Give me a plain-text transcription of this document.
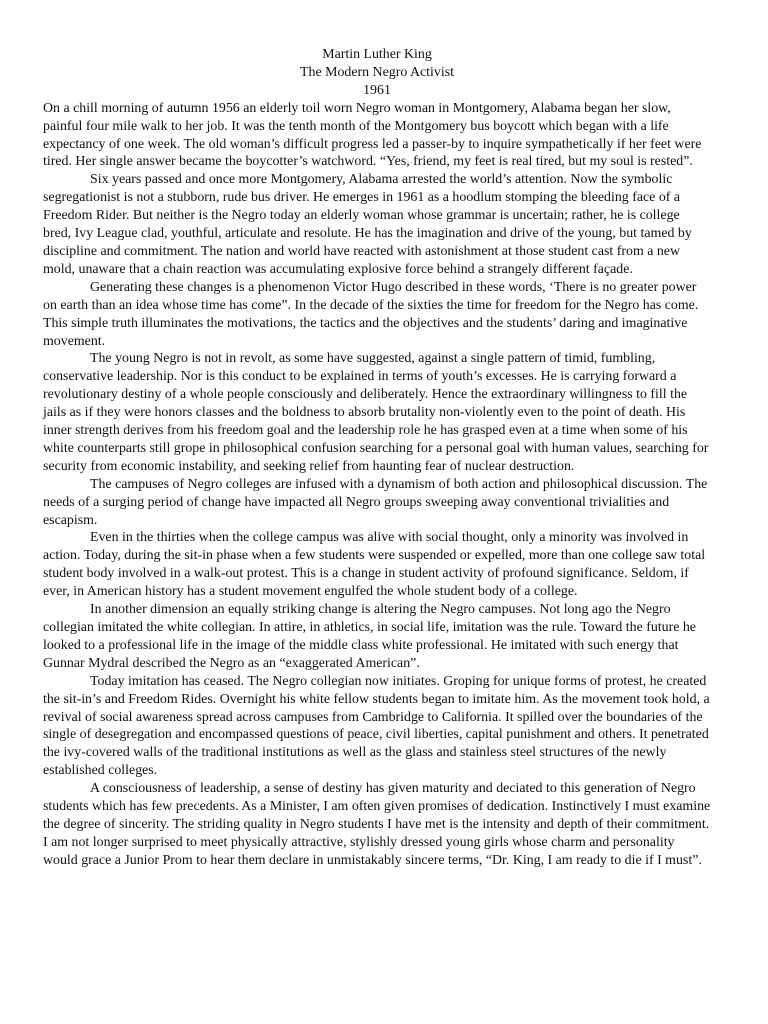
Martin Luther King
The Modern Negro Activist
1961

On a chill morning of autumn 1956 an elderly toil worn Negro woman in Montgomery, Alabama began her slow, painful four mile walk to her job. It was the tenth month of the Montgomery bus boycott which began with a life expectancy of one week. The old woman’s difficult progress led a passer-by to inquire sympathetically if her feet were tired. Her single answer became the boycotter’s watchword. “Yes, friend, my feet is real tired, but my soul is rested”.

Six years passed and once more Montgomery, Alabama arrested the world’s attention. Now the symbolic segregationist is not a stubborn, rude bus driver. He emerges in 1961 as a hoodlum stomping the bleeding face of a Freedom Rider. But neither is the Negro today an elderly woman whose grammar is uncertain; rather, he is college bred, Ivy League clad, youthful, articulate and resolute. He has the imagination and drive of the young, but tamed by discipline and commitment. The nation and world have reacted with astonishment at those student cast from a new mold, unaware that a chain reaction was accumulating explosive force behind a strangely different façade.

Generating these changes is a phenomenon Victor Hugo described in these words, ‘There is no greater power on earth than an idea whose time has come”. In the decade of the sixties the time for freedom for the Negro has come. This simple truth illuminates the motivations, the tactics and the objectives and the students’ daring and imaginative movement.

The young Negro is not in revolt, as some have suggested, against a single pattern of timid, fumbling, conservative leadership. Nor is this conduct to be explained in terms of youth’s excesses. He is carrying forward a revolutionary destiny of a whole people consciously and deliberately. Hence the extraordinary willingness to fill the jails as if they were honors classes and the boldness to absorb brutality non-violently even to the point of death. His inner strength derives from his freedom goal and the leadership role he has grasped even at a time when some of his white counterparts still grope in philosophical confusion searching for a personal goal with human values, searching for security from economic instability, and seeking relief from haunting fear of nuclear destruction.

The campuses of Negro colleges are infused with a dynamism of both action and philosophical discussion. The needs of a surging period of change have impacted all Negro groups sweeping away conventional trivialities and escapism.

Even in the thirties when the college campus was alive with social thought, only a minority was involved in action. Today, during the sit-in phase when a few students were suspended or expelled, more than one college saw total student body involved in a walk-out protest. This is a change in student activity of profound significance. Seldom, if ever, in American history has a student movement engulfed the whole student body of a college.

In another dimension an equally striking change is altering the Negro campuses. Not long ago the Negro collegian imitated the white collegian. In attire, in athletics, in social life, imitation was the rule. Toward the future he looked to a professional life in the image of the middle class white professional. He imitated with such energy that Gunnar Mydral described the Negro as an “exaggerated American”.

Today imitation has ceased. The Negro collegian now initiates. Groping for unique forms of protest, he created the sit-in’s and Freedom Rides. Overnight his white fellow students began to imitate him. As the movement took hold, a revival of social awareness spread across campuses from Cambridge to California. It spilled over the boundaries of the single of desegregation and encompassed questions of peace, civil liberties, capital punishment and others. It penetrated the ivy-covered walls of the traditional institutions as well as the glass and stainless steel structures of the newly established colleges.

A consciousness of leadership, a sense of destiny has given maturity and deciated to this generation of Negro students which has few precedents. As a Minister, I am often given promises of dedication. Instinctively I must examine the degree of sincerity. The striding quality in Negro students I have met is the intensity and depth of their commitment. I am not longer surprised to meet physically attractive, stylishly dressed young girls whose charm and personality would grace a Junior Prom to hear them declare in unmistakably sincere terms, “Dr. King, I am ready to die if I must”.
